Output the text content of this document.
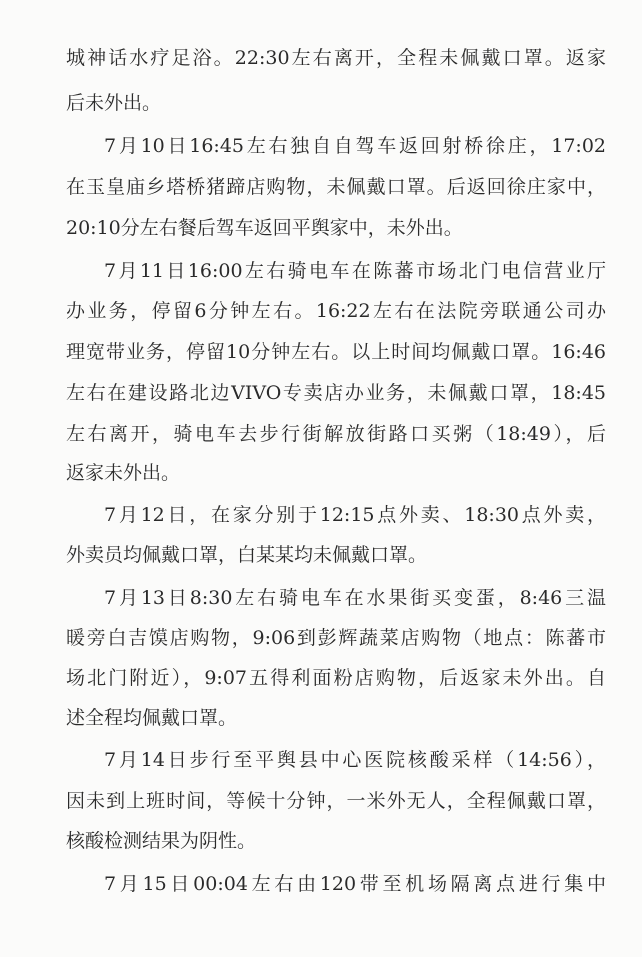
城神话水疗足浴。22:30左右离开，全程未佩戴口罩。返家
后未外出。
7月10日16:45左右独自自驾车返回射桥徐庄，17:02
在玉皇庙乡塔桥猪蹄店购物，未佩戴口罩。后返回徐庄家中，
20:10分左右餐后驾车返回平舆家中，未外出。
7月11日16:00左右骑电车在陈蕃市场北门电信营业厅
办业务，停留6分钟左右。16:22左右在法院旁联通公司办
理宽带业务，停留10分钟左右。以上时间均佩戴口罩。16:46
左右在建设路北边VIVO专卖店办业务，未佩戴口罩，18:45
左右离开，骑电车去步行街解放街路口买粥（18:49），后
返家未外出。
7月12日，在家分别于12:15点外卖、18:30点外卖，
外卖员均佩戴口罩，白某某均未佩戴口罩。
7月13日8:30左右骑电车在水果街买变蛋，8:46三温
暖旁白吉馍店购物，9:06到彭辉蔬菜店购物（地点：陈蕃市
场北门附近），9:07五得利面粉店购物，后返家未外出。自
述全程均佩戴口罩。
7月14日步行至平舆县中心医院核酸采样（14:56），
因未到上班时间，等候十分钟，一米外无人，全程佩戴口罩，
核酸检测结果为阴性。
7月15日00:04左右由120带至机场隔离点进行集中
